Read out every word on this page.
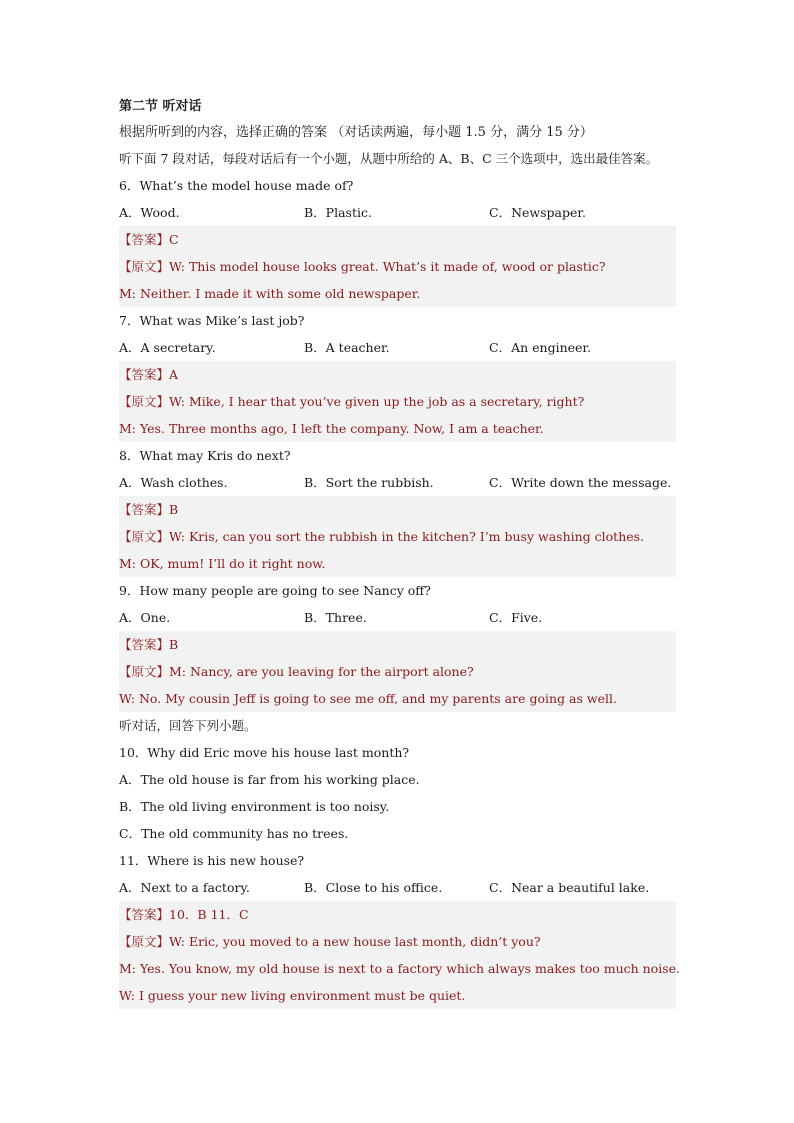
第二节 听对话 根据所听到的内容，选择正确的答案 （对话读两遍，每小题 1.5 分，满分 15 分）
听下面 7 段对话，每段对话后有一个小题，从题中所给的 A、B、C 三个选项中，选出最佳答案。
6．What’s the model house made of?
A．Wood.	B．Plastic.	C．Newspaper.
【答案】C
【原文】W: This model house looks great. What’s it made of, wood or plastic?
M: Neither. I made it with some old newspaper.
7．What was Mike’s last job?
A．A secretary.	B．A teacher.	C．An engineer.
【答案】A
【原文】W: Mike, I hear that you’ve given up the job as a secretary, right?
M: Yes. Three months ago, I left the company. Now, I am a teacher.
8．What may Kris do next?
A．Wash clothes.	B．Sort the rubbish.	C．Write down the message.
【答案】B
【原文】W: Kris, can you sort the rubbish in the kitchen? I’m busy washing clothes.
M: OK, mum! I’ll do it right now.
9．How many people are going to see Nancy off?
A．One.	B．Three.	C．Five.
【答案】B
【原文】M: Nancy, are you leaving for the airport alone?
W: No. My cousin Jeff is going to see me off, and my parents are going as well.
听对话，回答下列小题。
10．Why did Eric move his house last month?
A．The old house is far from his working place.
B．The old living environment is too noisy.
C．The old community has no trees.
11．Where is his new house?
A．Next to a factory.	B．Close to his office.	C．Near a beautiful lake.
【答案】10．B 11．C
【原文】W: Eric, you moved to a new house last month, didn’t you?
M: Yes. You know, my old house is next to a factory which always makes too much noise.
W: I guess your new living environment must be quiet.
